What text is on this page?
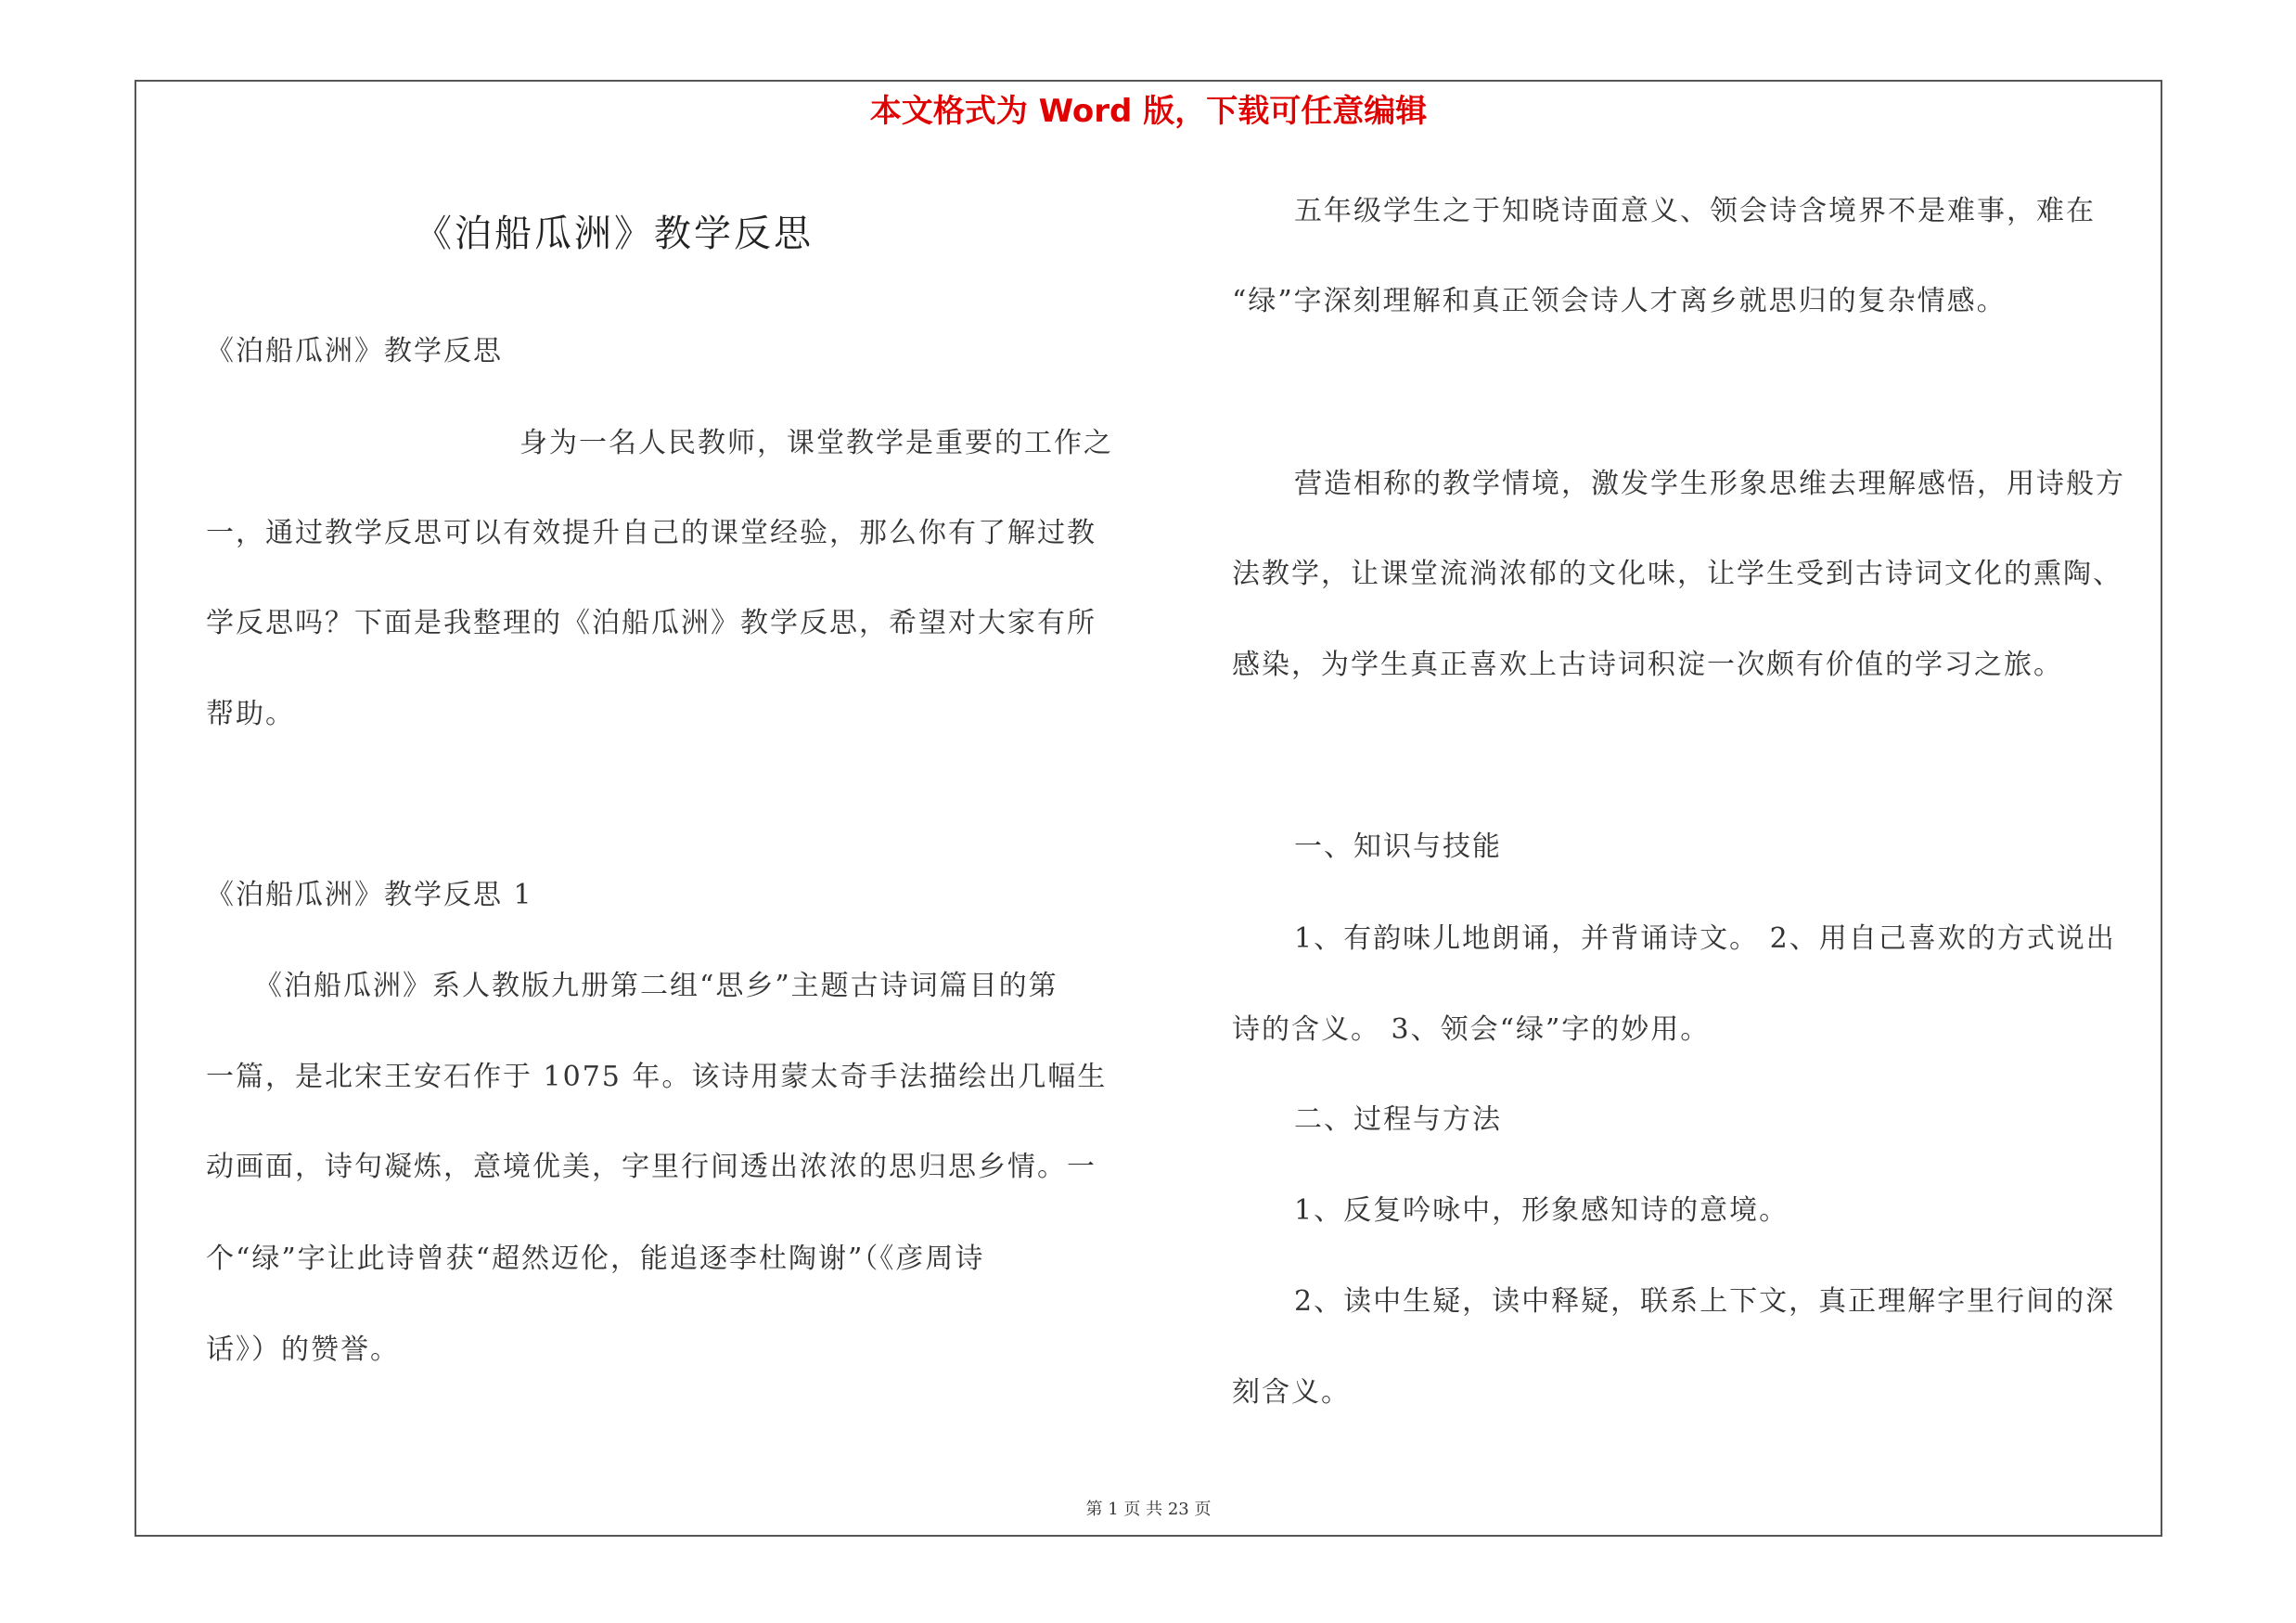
本文格式为 Word 版，下载可任意编辑
《泊船瓜洲》教学反思
《泊船瓜洲》教学反思
身为一名人民教师，课堂教学是重要的工作之
一，通过教学反思可以有效提升自己的课堂经验，那么你有了解过教
学反思吗？下面是我整理的《泊船瓜洲》教学反思，希望对大家有所
帮助。
《泊船瓜洲》教学反思 1
《泊船瓜洲》系人教版九册第二组“思乡”主题古诗词篇目的第
一篇，是北宋王安石作于 1075 年。该诗用蒙太奇手法描绘出几幅生
动画面，诗句凝炼，意境优美，字里行间透出浓浓的思归思乡情。一
个“绿”字让此诗曾获“超然迈伦，能追逐李杜陶谢”（《彦周诗
话》）的赞誉。
五年级学生之于知晓诗面意义、领会诗含境界不是难事，难在
“绿”字深刻理解和真正领会诗人才离乡就思归的复杂情感。
营造相称的教学情境，激发学生形象思维去理解感悟，用诗般方
法教学，让课堂流淌浓郁的文化味，让学生受到古诗词文化的熏陶、
感染，为学生真正喜欢上古诗词积淀一次颇有价值的学习之旅。
一、知识与技能
1、有韵味儿地朗诵，并背诵诗文。 2、用自己喜欢的方式说出
诗的含义。 3、领会“绿”字的妙用。
二、过程与方法
1、反复吟咏中，形象感知诗的意境。
2、读中生疑，读中释疑，联系上下文，真正理解字里行间的深
刻含义。
第 1 页 共 23 页
